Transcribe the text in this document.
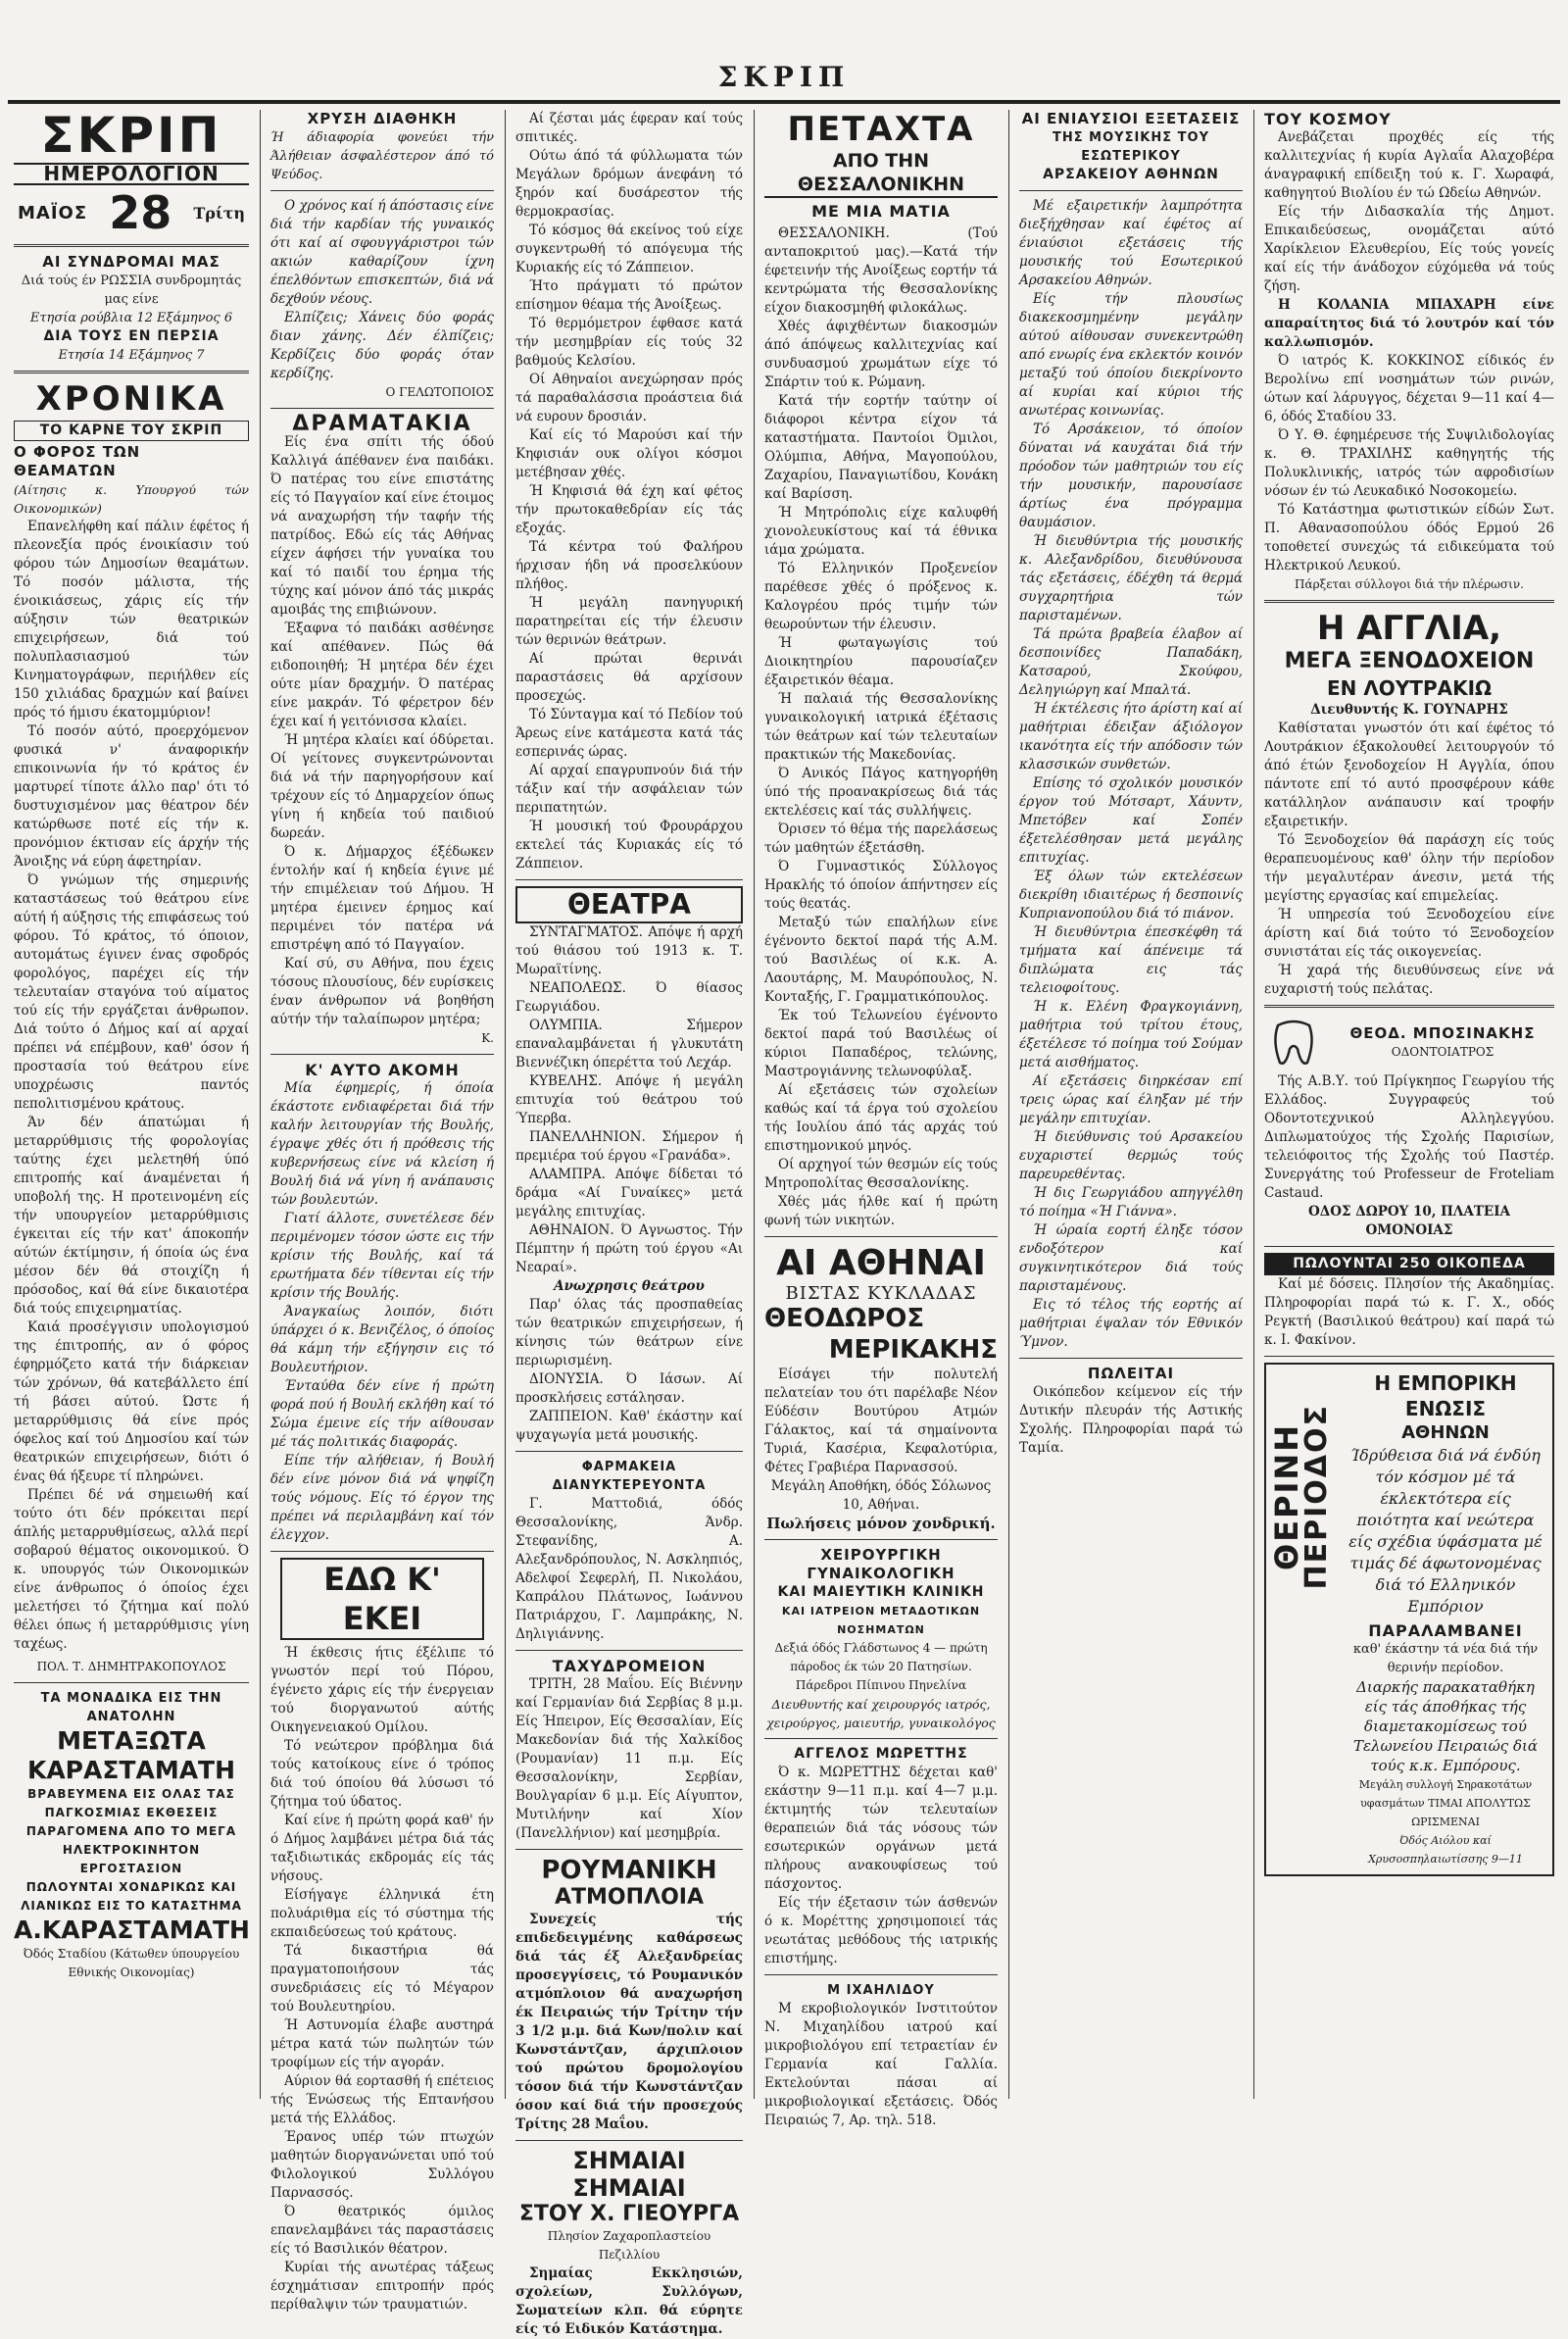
ΣΚΡΙΠ
ΣΚΡΙΠ
ΗΜΕΡΟΛΟΓΙΟΝ
ΜΑΪΟΣ 28 Τρίτη
ΑΙ ΣΥΝΔΡΟΜΑΙ ΜΑΣ
Διά τούς έν ΡΩΣΣΙΑ συνδρομητάς μας είνε
Ετησία ρούβλια 12 Εξάμηνος 6
ΔΙΑ ΤΟΥΣ ΕΝ ΠΕΡΣΙΑ
Ετησία 14 Εξάμηνος 7
ΧΡΟΝΙΚΑ
ΤΟ ΚΑΡΝΕ ΤΟΥ ΣΚΡΙΠ
Ο ΦΟΡΟΣ ΤΩΝ ΘΕΑΜΑΤΩΝ
(Αίτησις κ. Υπουργού τών Οικονομικών)

Επανελήφθη καί πάλιν έφέτος ή πλεονεξία πρός ένοικίασιν τού φόρου τών Δημοσίων θεαμάτων. Τό ποσόν μάλιστα, τής ένοικιάσεως, χάρις είς τήν αύξησιν τών θεατρικών επιχειρήσεων, διά τού πολυπλασιασμού τών Κινηματογράφων, περιήλθεν είς 150 χιλιάδας δραχμών καί βαίνει πρός τό ήμισυ έκατομμύριον!

Τό ποσόν αύτό, προερχόμενον φυσικά ν' άναφορικήν επικοινωνία ήν τό κράτος έν μαρτυρεί τίποτε άλλο παρ' ότι τό δυστυχισμένον μας θέατρον δέν κατώρθωσε ποτέ είς τήν κ. προνόμιον έκτισαν είς άρχήν τής Άνοιξης νά εύρη άφετηρίαν.

Ό γνώμων τής σημερινής καταστάσεως τού θεάτρου είνε αύτή ή αύξησις τής επιφάσεως τού φόρου. Τό κράτος, τό όποιον, αυτομάτως έγινεν ένας σφοδρός φορολόγος, παρέχει είς τήν τελευταίαν σταγόνα τού αίματος τού είς τήν εργάζεται άνθρωπον. Διά τούτο ό Δήμος καί αί αρχαί πρέπει νά επέμβουν, καθ' όσον ή προστασία τού θεάτρου είνε υποχρέωσις παντός πεπολιτισμένου κράτους.

Άν δέν άπατώμαι ή μεταρρύθμισις τής φορολογίας ταύτης έχει μελετηθή ύπό επιτροπής καί άναμένεται ή υποβολή της. Η προτεινομένη είς τήν υπουργείον μεταρρύθμισις έγκειται είς τήν κατ' άποκοπήν αύτών έκτίμησιν, ή όποία ώς ένα μέσον δέν θά στοιχίζη ή πρόσοδος, καί θά είνε δικαιοτέρα διά τούς επιχειρηματίας.

Καιά προσέγγισιν υπολογισμού της έπιτροπής, αν ό φόρος έφηρμόζετο κατά τήν διάρκειαν τών χρόνων, θά κατεβάλλετο έπί τή βάσει αύτού. Ώστε ή μεταρρύθμισις θά είνε πρός όφελος καί τού Δημοσίου καί τών θεατρικών επιχειρήσεων, διότι ό ένας θά ήξευρε τί πληρώνει.

Πρέπει δέ νά σημειωθή καί τούτο ότι δέν πρόκειται περί άπλής μεταρρυθμίσεως, αλλά περί σοβαρού θέματος οικονομικού. Ό κ. υπουργός τών Οικονομικών είνε άνθρωπος ό όποίος έχει μελετήσει τό ζήτημα καί πολύ θέλει όπως ή μεταρρύθμισις γίνη ταχέως.

ΠΟΛ. Τ. ΔΗΜΗΤΡΑΚΟΠΟΥΛΟΣ
ΤΑ ΜΟΝΑΔΙΚΑ ΕΙΣ ΤΗΝ ΑΝΑΤΟΛΗΝ
ΜΕΤΑΞΩΤΑ ΚΑΡΑΣΤΑΜΑΤΗ
ΒΡΑΒΕΥΜΕΝΑ ΕΙΣ ΟΛΑΣ ΤΑΣ ΠΑΓΚΟΣΜΙΑΣ ΕΚΘΕΣΕΙΣ
ΠΑΡΑΓΟΜΕΝΑ ΑΠΟ ΤΟ ΜΕΓΑ ΗΛΕΚΤΡΟΚΙΝΗΤΟΝ ΕΡΓΟΣΤΑΣΙΟΝ
ΠΩΛΟΥΝΤΑΙ ΧΟΝΔΡΙΚΩΣ ΚΑΙ ΛΙΑΝΙΚΩΣ ΕΙΣ ΤΟ ΚΑΤΑΣΤΗΜΑ
Α.ΚΑΡΑΣΤΑΜΑΤΗ
Όδός Σταδίου (Κάτωθεν ύπουργείου Εθνικής Οικονομίας)
ΧΡΥΣΗ ΔΙΑΘΗΚΗ
Ή άδιαφορία φονεύει τήν Άλήθειαν άσφαλέστερον άπό τό Ψεύδος.

Ο χρόνος καί ή άπόστασις είνε διά τήν καρδίαν τής γυναικός ότι καί αί σφουγγάριστροι τών ακιών καθαρίζουν ίχνη έπελθόντων επισκεπτών, διά νά δεχθούν νέους.

Ελπίζεις; Χάνεις δύο φοράς διαν χάνης. Δέν έλπίζεις; Κερδίζεις δύο φοράς όταν κερδίζης.

Ο ΓΕΛΩΤΟΠΟΙΟΣ
ΔΡΑΜΑΤΑΚΙΑ

Είς ένα σπίτι τής όδού Καλλιγά άπέθανεν ένα παιδάκι. Ό πατέρας του είνε επιστάτης είς τό Παγγαίον καί είνε έτοιμος νά αναχωρήση τήν ταφήν τής πατρίδος. Εδώ είς τάς Αθήνας είχεν άφήσει τήν γυναίκα του καί τό παιδί του έρημα τής τύχης καί μόνον άπό τάς μικράς αμοιβάς της επιβιώνουν.

Έξαφνα τό παιδάκι ασθένησε καί απέθανεν. Πώς θά ειδοποιηθή; Ή μητέρα δέν έχει ούτε μίαν δραχμήν. Ό πατέρας είνε μακράν. Τό φέρετρον δέν έχει καί ή γειτόνισσα κλαίει.

Ή μητέρα κλαίει καί όδύρεται. Οί γείτονες συγκεντρώνονται διά νά τήν παρηγορήσουν καί τρέχουν είς τό Δημαρχείον όπως γίνη ή κηδεία τού παιδιού δωρεάν.

Ό κ. Δήμαρχος έξέδωκεν έντολήν καί ή κηδεία έγινε μέ τήν επιμέλειαν τού Δήμου. Ή μητέρα έμεινεν έρημος καί περιμένει τόν πατέρα νά επιστρέψη από τό Παγγαίον.

Καί σύ, συ Αθήνα, που έχεις τόσους πλουσίους, δέν ευρίσκεις έναν άνθρωπον νά βοηθήση αύτήν τήν ταλαίπωρον μητέρα;

Κ.
Κ' ΑΥΤΟ ΑΚΟΜΗ

Μία έφημερίς, ή όποία έκάστοτε ενδιαφέρεται διά τήν καλήν λειτουργίαν τής Βουλής, έγραψε χθές ότι ή πρόθεσις τής κυβερνήσεως είνε νά κλείση ή Βουλή διά νά γίνη ή ανάπαυσις τών βουλευτών.

Γιατί άλλοτε, συνετέλεσε δέν περιμένομεν τόσον ώστε εις τήν κρίσιν τής Βουλής, καί τά ερωτήματα δέν τίθενται είς τήν κρίσιν τής Βουλής.

Άναγκαίως λοιπόν, διότι ύπάρχει ό κ. Βενιζέλος, ό όποίος θά κάμη τήν εξήγησιν εις τό Βουλευτήριον.

Ένταύθα δέν είνε ή πρώτη φορά πού ή Βουλή εκλήθη καί τό Σώμα έμεινε είς τήν αίθουσαν μέ τάς πολιτικάς διαφοράς.

Είπε τήν αλήθειαν, ή Βουλή δέν είνε μόνον διά νά ψηφίζη τούς νόμους. Είς τό έργον της πρέπει νά περιλαμβάνη καί τόν έλεγχον.

ΕΔΩ Κ' ΕΚΕΙ

Ή έκθεσις ήτις έξέλιπε τό γνωστόν περί τού Πόρου, έγένετο χάρις είς τήν ένεργειαν τού διοργανωτού αύτής Οικηγενειακού Ομίλου.

Τό νεώτερον πρόβλημα διά τούς κατοίκους είνε ό τρόπος διά τού όποίου θά λύσωσι τό ζήτημα τού ύδατος.

Καί είνε ή πρώτη φορά καθ' ήν ό Δήμος λαμβάνει μέτρα διά τάς ταξιδιωτικάς εκδρομάς είς τάς νήσους.

Είσήγαγε έλληνικά έτη πολυάριθμα είς τό σύστημα τής εκπαιδεύσεως τού κράτους.

Τά δικαστήρια θά πραγματοποιήσουν τάς συνεδριάσεις είς τό Μέγαρον τού Βουλευτηρίου.

Ή Αστυνομία έλαβε αυστηρά μέτρα κατά τών πωλητών τών τροφίμων είς τήν αγοράν.

Αύριον θά εορτασθή ή επέτειος τής Ένώσεως τής Επτανήσου μετά τής Ελλάδος.

Έρανος υπέρ τών πτωχών μαθητών διοργανώνεται υπό τού Φιλολογικού Συλλόγου Παρνασσός.

Ό θεατρικός όμιλος επανελαμβάνει τάς παραστάσεις είς τό Βασιλικόν θέατρον.

Κυρίαι τής ανωτέρας τάξεως έσχημάτισαν επιτροπήν πρός περίθαλψιν τών τραυματιών.

Αί ζέσται μάς έφεραν καί τούς σπιτικές.

Ούτω άπό τά φύλλωματα τών Μεγάλων δρόμων άνεφάνη τό ξηρόν καί δυσάρεστον τής θερμοκρασίας.

Τό κόσμος θά εκείνος τού είχε συγκεντρωθή τό απόγευμα τής Κυριακής είς τό Ζάππειον.

Ήτο πράγματι τό πρώτον επίσημον θέαμα τής Άνοίξεως.

Τό θερμόμετρον έφθασε κατά τήν μεσημβρίαν είς τούς 32 βαθμούς Κελσίου.

Οί Αθηναίοι ανεχώρησαν πρός τά παραθαλάσσια προάστεια διά νά ευρουν δροσιάν.

Καί είς τό Μαρούσι καί τήν Κηφισιάν ουκ ολίγοι κόσμοι μετέβησαν χθές.

Ή Κηφισιά θά έχη καί φέτος τήν πρωτοκαθεδρίαν είς τάς εξοχάς.

Τά κέντρα τού Φαλήρου ήρχισαν ήδη νά προσελκύουν πλήθος.

Ή μεγάλη πανηγυρική παρατηρείται είς τήν έλευσιν τών θερινών θεάτρων.

Αί πρώται θερινάι παραστάσεις θά αρχίσουν προσεχώς.

Τό Σύνταγμα καί τό Πεδίον τού Άρεως είνε κατάμεστα κατά τάς εσπερινάς ώρας.

Αί αρχαί επαγρυπνούν διά τήν τάξιν καί τήν ασφάλειαν τών περιπατητών.

Ή μουσική τού Φρουράρχου εκτελεί τάς Κυριακάς είς τό Ζάππειον.

ΘΕΑΤΡΑ

ΣΥΝΤΑΓΜΑΤΟΣ. Απόψε ή αρχή τού θιάσου τού 1913 κ. Τ. Μωραϊτίνης.

ΝΕΑΠΟΛΕΩΣ. Ό θίασος Γεωργιάδου.

ΟΛΥΜΠΙΑ. Σήμερον επαναλαμβάνεται ή γλυκυτάτη Βιεννέζικη όπερέττα τού Λεχάρ.

ΚΥΒΕΛΗΣ. Απόψε ή μεγάλη επιτυχία τού θεάτρου τού Ύπερβα.

ΠΑΝΕΛΛΗΝΙΟΝ. Σήμερον ή πρεμιέρα τού έργου «Γρανάδα».

ΑΛΑΜΠΡΑ. Απόψε δίδεται τό δράμα «Αί Γυναίκες» μετά μεγάλης επιτυχίας.

ΑΘΗΝΑΙΟΝ. Ό Αγνωστος. Τήν Πέμπτην ή πρώτη τού έργου «Αι Νεαραί».

Ανωχρησις θεάτρου

Παρ' όλας τάς προσπαθείας τών θεατρικών επιχειρήσεων, ή κίνησις τών θεάτρων είνε περιωρισμένη.

ΔΙΟΝΥΣΙΑ. Ό Ιάσων. Αί προσκλήσεις εστάλησαν.

ΖΑΠΠΕΙΟΝ. Καθ' έκάστην καί ψυχαγωγία μετά μουσικής.

ΦΑΡΜΑΚΕΙΑ ΔΙΑΝΥΚΤΕΡΕΥΟΝΤΑ

Γ. Ματτοδιά, όδός Θεσσαλονίκης, Άνδρ. Στεφανίδης, Α. Αλεξανδρόπουλος, Ν. Ασκληπιός, Αδελφοί Σεφερλή, Π. Νικολάου, Καπράλου Πλάτωνος, Ιωάννου Πατριάρχου, Γ. Λαμπράκης, Ν. Δηλιγιάννης.

ΤΑΧΥΔΡΟΜΕΙΟΝ

ΤΡΙΤΗ, 28 Μαΐου. Είς Βιέννην καί Γερμανίαν διά Σερβίας 8 μ.μ. Είς Ήπειρον, Είς Θεσσαλίαν, Είς Μακεδονίαν διά τής Χαλκίδος (Ρουμανίαν) 11 π.μ. Είς Θεσσαλονίκην, Σερβίαν, Βουλγαρίαν 6 μ.μ. Είς Αίγυπτον, Μυτιλήνην καί Χίον (Πανελλήνιον) καί μεσημβρία.

ΡΟΥΜΑΝΙΚΗ
ΑΤΜΟΠΛΟΙΑ

Συνεχείς τής επιδεδειγμένης καθάρσεως διά τάς έξ Αλεξανδρείας προσεγγίσεις, τό Ρουμανικόν ατμόπλοιον θά αναχωρήση έκ Πειραιώς τήν Τρίτην τήν 3 1/2 μ.μ. διά Κων/πολιν καί Κωνστάντζαν, άρχιπλοιον τού πρώτου δρομολογίου τόσον διά τήν Κωνστάντζαν όσον καί διά τήν προσεχούς Τρίτης 28 Μαΐου.

ΣΗΜΑΙΑΙ
ΣΗΜΑΙΑΙ
ΣΤΟΥ Χ. ΓΙΕΟΥΡΓΑ
Πλησίον Ζαχαροπλαστείου Πεζιλλίου

Σημαίας Εκκλησιών, σχολείων, Συλλόγων, Σωματείων κλπ. θά εύρητε είς τό Ειδικόν Κατάστημα.

ΠΕΤΑΧΤΑ
ΑΠΟ ΤΗΝ ΘΕΣΣΑΛΟΝΙΚΗΝ
ΜΕ ΜΙΑ ΜΑΤΙΑ

ΘΕΣΣΑΛΟΝΙΚΗ. (Τού ανταποκριτού μας).—Κατά τήν έφετεινήν τής Ανοίξεως εορτήν τά κεντρώματα τής Θεσσαλονίκης είχον διακοσμηθή φιλοκάλως.

Χθές άφιχθέντων διακοσμών άπό άπόψεως καλλιτεχνίας καί συνδυασμού χρωμάτων είχε τό Σπάρτιν τού κ. Ρώμανη.

Κατά τήν εορτήν ταύτην οί διάφοροι κέντρα είχον τά καταστήματα. Παντοίοι Όμιλοι, Ολύμπια, Αθήνα, Μαγοπούλου, Ζαχαρίου, Παναγιωτίδου, Κονάκη καί Βαρίσση.

Ή Μητρόπολις είχε καλυφθή χιονολευκίστους καί τά έθνικα ιάμα χρώματα.

Τό Ελληνικόν Προξενείον παρέθεσε χθές ό πρόξενος κ. Καλογρέου πρός τιμήν τών θεωρούντων τήν έλευσιν.

Ή φωταγωγίσις τού Διοικητηρίου παρουσίαζεν έξαιρετικόν θέαμα.

Ή παλαιά τής Θεσσαλονίκης γυναικολογική ιατρικά έξέτασις τών θεάτρων καί τών τελευταίων πρακτικών τής Μακεδονίας.

Ό Ανικός Πάγος κατηγορήθη ύπό τής προανακρίσεως διά τάς εκτελέσεις καί τάς συλλήψεις.

Όρισεν τό θέμα τής παρελάσεως τών μαθητών έξετάσθη.

Ό Γυμναστικός Σύλλογος Ηρακλής τό όποίον άπήντησεν είς τούς θεατάς.

Μεταξύ τών επαλήλων είνε έγένοντο δεκτοί παρά τής Α.Μ. τού Βασιλέως οί κ.κ. Α. Λαουτάρης, Μ. Μαυρόπουλος, Ν. Κονταξής, Γ. Γραμματικόπουλος.

Έκ τού Τελωνείου έγένοντο δεκτοί παρά τού Βασιλέως οί κύριοι Παπαδέρος, τελώνης, Μαστρογιάννης τελωνοφύλαξ.

Αί εξετάσεις τών σχολείων καθώς καί τά έργα τού σχολείου τής Ιουλίου άπό τάς αρχάς τού επιστημονικού μηνός.

Οί αρχηγοί τών θεσμών είς τούς Μητροπολίτας Θεσσαλονίκης.

Χθές μάς ήλθε καί ή πρώτη φωνή τών νικητών.

ΑΙ ΑΘΗΝΑΙ
ΒΙΣΤΑΣ ΚΥΚΛΑΔΑΣ
ΘΕΟΔΩΡΟΣ
ΜΕΡΙΚΑΚΗΣ

Είσάγει τήν πολυτελή πελατείαν του ότι παρέλαβε Νέον Εύδέσιν Βουτύρου Ατμών Γάλακτος, καί τά σημαίνοντα Τυριά, Κασέρια, Κεφαλοτύρια, Φέτες Γραβιέρα Παρνασσού.

Μεγάλη Αποθήκη, όδός Σόλωνος 10, Αθήναι.
Πωλήσεις μόνον χονδρική.
ΧΕΙΡΟΥΡΓΙΚΗ ΓΥΝΑΙΚΟΛΟΓΙΚΗ
ΚΑΙ ΜΑΙΕΥΤΙΚΗ ΚΛΙΝΙΚΗ
ΚΑΙ ΙΑΤΡΕΙΟΝ ΜΕΤΑΔΟΤΙΚΩΝ ΝΟΣΗΜΑΤΩΝ
Δεξιά όδός Γλάδστωνος 4 — πρώτη πάροδος έκ τών 20 Πατησίων. Πάρεδροι Πίπινου Πηνελίνα
Διευθυντής καί χειρουργός ιατρός, χειρούργος, μαιευτήρ, γυναικολόγος
ΑΓΓΕΛΟΣ ΜΩΡΕΤΤΗΣ

Ό κ. ΜΩΡΕΤΤΗΣ δέχεται καθ' εκάστην 9—11 π.μ. καί 4—7 μ.μ. έκτιμητής τών τελευταίων θεραπειών διά τάς νόσους τών εσωτερικών οργάνων μετά πλήρους ανακουφίσεως τού πάσχοντος.

Είς τήν έξετασιν τών άσθενών ό κ. Μορέττης χρησιμοποιεί τάς νεωτάτας μεθόδους τής ιατρικής επιστήμης.

Μ ΙΧΑΗΛΙΔΟΥ

Μ εκροβιολογικόν Ινστιτούτον Ν. Μιχαηλίδου ιατρού καί μικροβιολόγου επί τετραετίαν έν Γερμανία καί Γαλλία. Εκτελούνται πάσαι αί μικροβιολογικαί εξετάσεις. Όδός Πειραιώς 7, Αρ. τηλ. 518.

ΑΙ ΕΝΙΑΥΣΙΟΙ ΕΞΕΤΑΣΕΙΣ
ΤΗΣ ΜΟΥΣΙΚΗΣ ΤΟΥ ΕΣΩΤΕΡΙΚΟΥ
ΑΡΣΑΚΕΙΟΥ ΑΘΗΝΩΝ

Μέ εξαιρετικήν λαμπρότητα διεξήχθησαν καί έφέτος αί ένιαύσιοι εξετάσεις τής μουσικής τού Εσωτερικού Αρσακείου Αθηνών.

Είς τήν πλουσίως διακεκοσμημένην μεγάλην αύτού αίθουσαν συνεκεντρώθη από ενωρίς ένα εκλεκτόν κοινόν μεταξύ τού όποίου διεκρίνοντο αί κυρίαι καί κύριοι τής ανωτέρας κοινωνίας.

Τό Αρσάκειον, τό όποίον δύναται νά καυχάται διά τήν πρόοδον τών μαθητριών του είς τήν μουσικήν, παρουσίασε άρτίως ένα πρόγραμμα θαυμάσιον.

Ή διευθύντρια τής μουσικής κ. Αλεξανδρίδου, διευθύνουσα τάς εξετάσεις, έδέχθη τά θερμά συγχαρητήρια τών παρισταμένων.

Τά πρώτα βραβεία έλαβον αί δεσποινίδες Παπαδάκη, Κατσαρού, Σκούφου, Δεληγιώργη καί Μπαλτά.

Ή έκτέλεσις ήτο άρίστη καί αί μαθήτριαι έδειξαν άξιόλογον ικανότητα είς τήν απόδοσιν τών κλασσικών συνθετών.

Επίσης τό σχολικόν μουσικόν έργον τού Μότσαρτ, Χάυντν, Μπετόβεν καί Σοπέν έξετελέσθησαν μετά μεγάλης επιτυχίας.

Έξ όλων τών εκτελέσεων διεκρίθη ιδιαιτέρως ή δεσποινίς Κυπριανοπούλου διά τό πιάνον.

Ή διευθύντρια έπεσκέφθη τά τμήματα καί άπένειμε τά διπλώματα εις τάς τελειοφοίτους.

Ή κ. Ελένη Φραγκογιάννη, μαθήτρια τού τρίτου έτους, έξετέλεσε τό ποίημα τού Σούμαν μετά αισθήματος.

Αί εξετάσεις διηρκέσαν επί τρεις ώρας καί έληξαν μέ τήν μεγάλην επιτυχίαν.

Ή διεύθυνσις τού Αρσακείου ευχαριστεί θερμώς τούς παρευρεθέντας.

Ή δις Γεωργιάδου απηγγέλθη τό ποίημα «Ή Γιάννα».

Ή ώραία εορτή έληξε τόσον ενδοξότερον καί συγκινητικότερον διά τούς παρισταμένους.

Εις τό τέλος τής εορτής αί μαθήτριαι έψαλαν τόν Εθνικόν Ύμνον.

ΠΩΛΕΙΤΑΙ

Οικόπεδον κείμενον είς τήν Δυτικήν πλευράν τής Αστικής Σχολής. Πληροφορίαι παρά τώ Ταμία.

ΤΟΥ ΚΟΣΜΟΥ

Ανεβάζεται προχθές είς τής καλλιτεχνίας ή κυρία Αγλαΐα Αλαχοβέρα άναγραφική επίδειξη τού κ. Γ. Χωραφά, καθηγητού Βιολίου έν τώ Ωδείω Αθηνών.

Είς τήν Διδασκαλία τής Δημοτ. Επικαιδεύσεως, ονομάζεται αύτό Χαρίκλειον Ελευθερίου, Είς τούς γονείς καί είς τήν άνάδοχον εύχόμεθα νά τούς ζήση.

Η ΚΟΛΑΝΙΑ ΜΠΑΧΑΡΗ είνε απαραίτητος διά τό λουτρόν καί τόν καλλωπισμόν.

Ό ιατρός Κ. ΚΟΚΚΙΝΟΣ είδικός έν Βερολίνω επί νοσημάτων τών ρινών, ώτων καί λάρυγγος, δέχεται 9—11 καί 4—6, όδός Σταδίου 33.

Ό Υ. Θ. έφημέρευσε τής Συψιλιδολογίας κ. Θ. ΤΡΑΧΙΛΗΣ καθηγητής τής Πολυκλινικής, ιατρός τών αφροδισίων νόσων έν τώ Λευκαδικό Νοσοκομείω.

Τό Κατάστημα φωτιστικών είδών Σωτ. Π. Αθανασοπούλου όδός Ερμού 26 τοποθετεί συνεχώς τά ειδικεύματα τού Ηλεκτρικού Λευκού.

Πάρξεται σύλλογοι διά τήν πλέρωσιν.

Η ΑΓΓΛΙΑ,
ΜΕΓΑ ΞΕΝΟΔΟΧΕΙΟΝ
ΕΝ ΛΟΥΤΡΑΚΙΩ
Διευθυντής Κ. ΓΟΥΝΑΡΗΣ

Καθίσταται γνωστόν ότι καί έφέτος τό Λουτράκιον έξακολουθεί λειτουργούν τό άπό έτών ξενοδοχείον Η Αγγλία, όπου πάντοτε επί τό αυτό προσφέρουν κάθε κατάλληλον ανάπαυσιν καί τροφήν εξαιρετικήν.

Τό Ξενοδοχείον θά παράσχη είς τούς θεραπευομένους καθ' όλην τήν περίοδον τήν μεγαλυτέραν άνεσιν, μετά τής μεγίστης εργασίας καί επιμελείας.

Ή υπηρεσία τού Ξενοδοχείου είνε άρίστη καί διά τούτο τό Ξενοδοχείον συνιστάται είς τάς οικογενείας.

Ή χαρά τής διευθύνσεως είνε νά ευχαριστή τούς πελάτας.

ΘΕΟΔ. ΜΠΟΣΙΝΑΚΗΣ
ΟΔΟΝΤΟΙΑΤΡΟΣ

Τής Α.Β.Υ. τού Πρίγκηπος Γεωργίου τής Ελλάδος. Συγγραφεύς τού Οδοντοτεχνικού Αλληλεγγύου. Διπλωματούχος τής Σχολής Παρισίων, τελειόφοιτος τής Σχολής τού Παστέρ. Συνεργάτης τού Professeur de Froteliam Castaud.

ΟΔΟΣ ΔΩΡΟΥ 10, ΠΛΑΤΕΙΑ ΟΜΟΝΟΙΑΣ
ΠΩΛΟΥΝΤΑΙ 250 ΟΙΚΟΠΕΔΑ

Καί μέ δόσεις. Πλησίον τής Ακαδημίας. Πληροφορίαι παρά τώ κ. Γ. Χ., οδός Ρεγκτή (Βασιλικού θεάτρου) καί παρά τώ κ. Ι. Φακίνον.

ΘΕΡΙΝΗ
ΠΕΡΙΟΔΟΣ
Η ΕΜΠΟΡΙΚΗ ΕΝΩΣΙΣ
ΑΘΗΝΩΝ

Ίδρύθεισα διά νά ένδύη τόν κόσμον μέ τά έκλεκτότερα είς ποιότητα καί νεώτερα είς σχέδια ύφάσματα μέ τιμάς δέ άφωτονομένας διά τό Ελληνικόν Εμπόριον

ΠΑΡΑΛΑΜΒΑΝΕΙ
καθ' έκάστην τά νέα διά τήν θερινήν περίοδον.

Διαρκής παρακαταθήκη είς τάς άποθήκας τής διαμετακομίσεως τού Τελωνείου Πειραιώς διά τούς κ.κ. Εμπόρους.

Μεγάλη συλλογή Σηρακοτάτων υφασμάτων ΤΙΜΑΙ ΑΠΟΛΥΤΩΣ ΩΡΙΣΜΕΝΑΙ
Όδός Αιόλου καί Χρυσοσπηλαιωτίσσης 9—11
